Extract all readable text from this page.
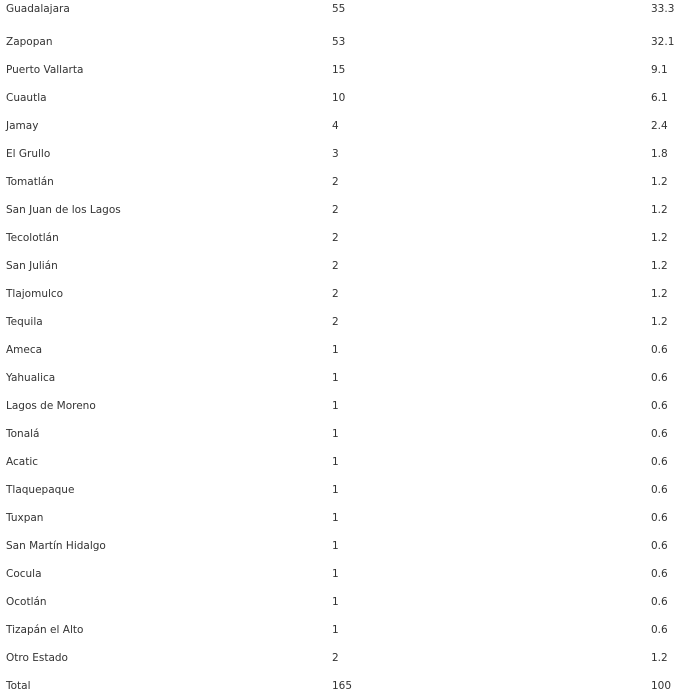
Guadalajara	55	33.3
Zapopan	53	32.1
Puerto Vallarta	15	9.1
Cuautla	10	6.1
Jamay	4	2.4
El Grullo	3	1.8
Tomatlán	2	1.2
San Juan de los Lagos	2	1.2
Tecolotlán	2	1.2
San Julián	2	1.2
Tlajomulco	2	1.2
Tequila	2	1.2
Ameca	1	0.6
Yahualica	1	0.6
Lagos de Moreno	1	0.6
Tonalá	1	0.6
Acatic	1	0.6
Tlaquepaque	1	0.6
Tuxpan	1	0.6
San Martín Hidalgo	1	0.6
Cocula	1	0.6
Ocotlán	1	0.6
Tizapán el Alto	1	0.6
Otro Estado	2	1.2
Total	165	100
